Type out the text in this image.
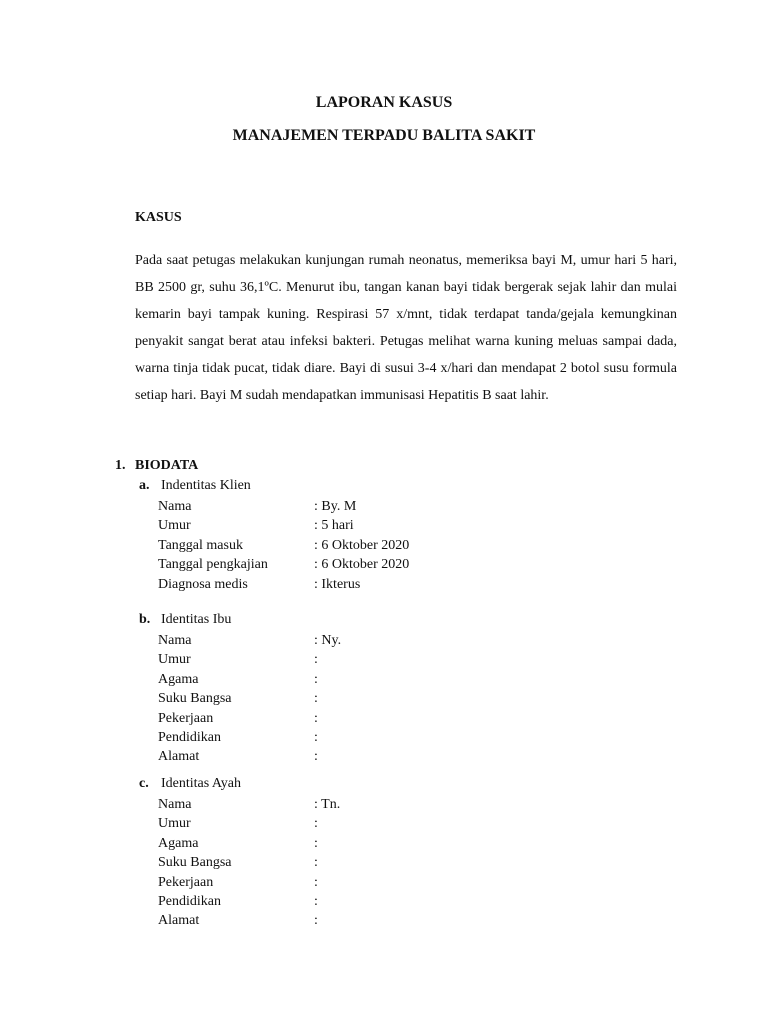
LAPORAN KASUS
MANAJEMEN TERPADU BALITA SAKIT
KASUS
Pada saat petugas melakukan kunjungan rumah neonatus, memeriksa bayi M, umur hari 5 hari, BB 2500 gr, suhu 36,1ºC. Menurut ibu, tangan kanan bayi tidak bergerak sejak lahir dan mulai kemarin bayi tampak kuning. Respirasi 57 x/mnt, tidak terdapat tanda/gejala kemungkinan penyakit sangat berat atau infeksi bakteri. Petugas melihat warna kuning meluas sampai dada, warna tinja tidak pucat, tidak diare. Bayi di susui 3-4 x/hari dan mendapat 2 botol susu formula setiap hari. Bayi M sudah mendapatkan immunisasi Hepatitis B saat lahir.
1. BIODATA
a. Indentitas Klien
Nama	: By. M
Umur	: 5 hari
Tanggal masuk	: 6 Oktober 2020
Tanggal pengkajian	: 6 Oktober 2020
Diagnosa medis	: Ikterus
b. Identitas Ibu
Nama	: Ny.
Umur	:
Agama	:
Suku Bangsa	:
Pekerjaan	:
Pendidikan	:
Alamat	:
c. Identitas Ayah
Nama	: Tn.
Umur	:
Agama	:
Suku Bangsa	:
Pekerjaan	:
Pendidikan	:
Alamat	:
